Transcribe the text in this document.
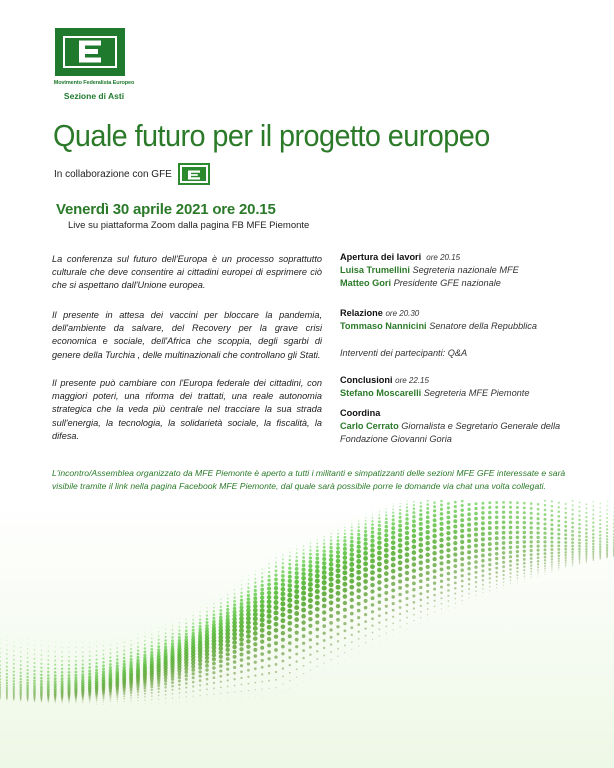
Movimento Federalista Europeo
Sezione di Asti
Quale futuro per il progetto europeo
In collaborazione con GFE
Venerdì 30 aprile 2021 ore 20.15
Live su piattaforma Zoom dalla pagina FB MFE Piemonte
La conferenza sul futuro dell'Europa è un processo soprattutto culturale che deve consentire ai cittadini europei di esprimere ciò che si aspettano dall'Unione europea.
Il presente in attesa dei vaccini per bloccare la pandemia, dell'ambiente da salvare, del Recovery per la grave crisi economica e sociale, dell'Africa che scoppia, degli sgarbi di genere della Turchia , delle multinazionali che controllano gli Stati.
Il presente può cambiare con l'Europa federale dei cittadini, con maggiori poteri, una riforma dei trattati, una reale autonomia strategica che la veda più centrale nel tracciare la sua strada sull'energia, la tecnologia, la solidarietà sociale, la fiscalità, la difesa.
Apertura dei lavori ore 20.15
Luisa Trumellini Segreteria nazionale MFE
Matteo Gori Presidente GFE nazionale
Relazione ore 20.30
Tommaso Nannicini Senatore della Repubblica
Interventi dei partecipanti: Q&A
Conclusioni ore 22.15
Stefano Moscarelli Segreteria MFE Piemonte
Coordina
Carlo Cerrato Giornalista e Segretario Generale della Fondazione Giovanni Goria
L'incontro/Assemblea organizzato da MFE Piemonte è aperto a tutti i militanti e simpatizzanti delle sezioni MFE GFE interessate e sarà visibile tramite il link nella pagina Facebook MFE Piemonte, dal quale sarà possibile porre le domande via chat una volta collegati.
